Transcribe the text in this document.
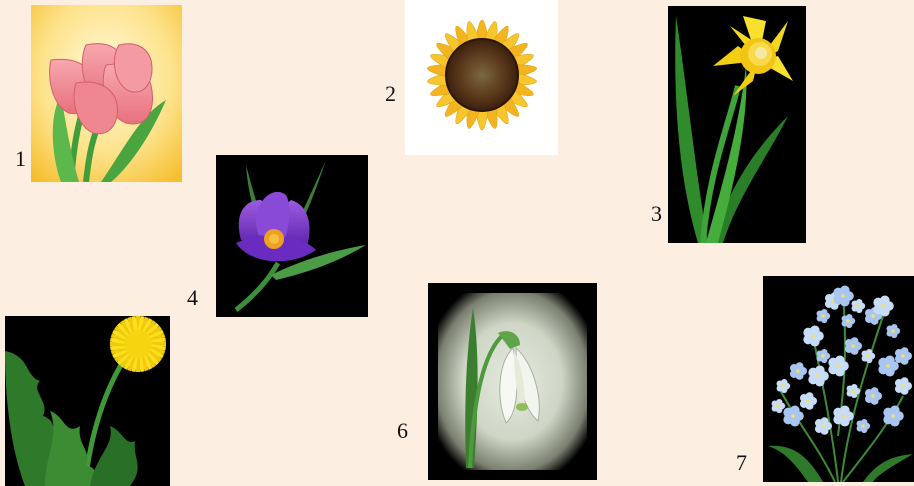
1
2
3
4
6
7
